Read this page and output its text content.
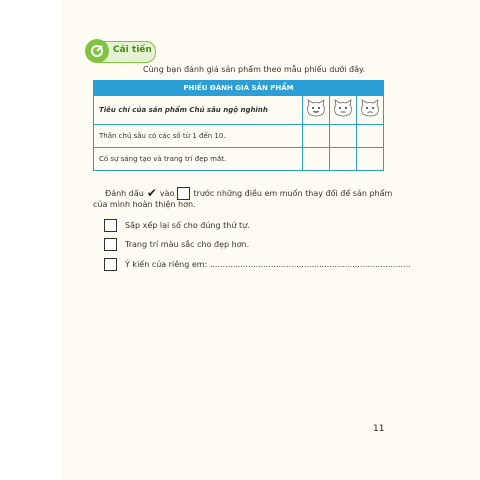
Cải tiến
Cùng bạn đánh giá sản phẩm theo mẫu phiếu dưới đây.
PHIẾU ĐÁNH GIÁ SẢN PHẨM			
Tiêu chí của sản phẩm Chú sâu ngộ nghĩnh			
Thân chú sâu có các số từ 1 đến 10.			
Có sự sáng tạo và trang trí đẹp mắt.			
Đánh dấu ✔ vào trước những điều em muốn thay đổi để sản phẩm
của mình hoàn thiện hơn.
Sắp xếp lại số cho đúng thứ tự.
Trang trí màu sắc cho đẹp hơn.
Ý kiến của riêng em: ...............................................................................
11
